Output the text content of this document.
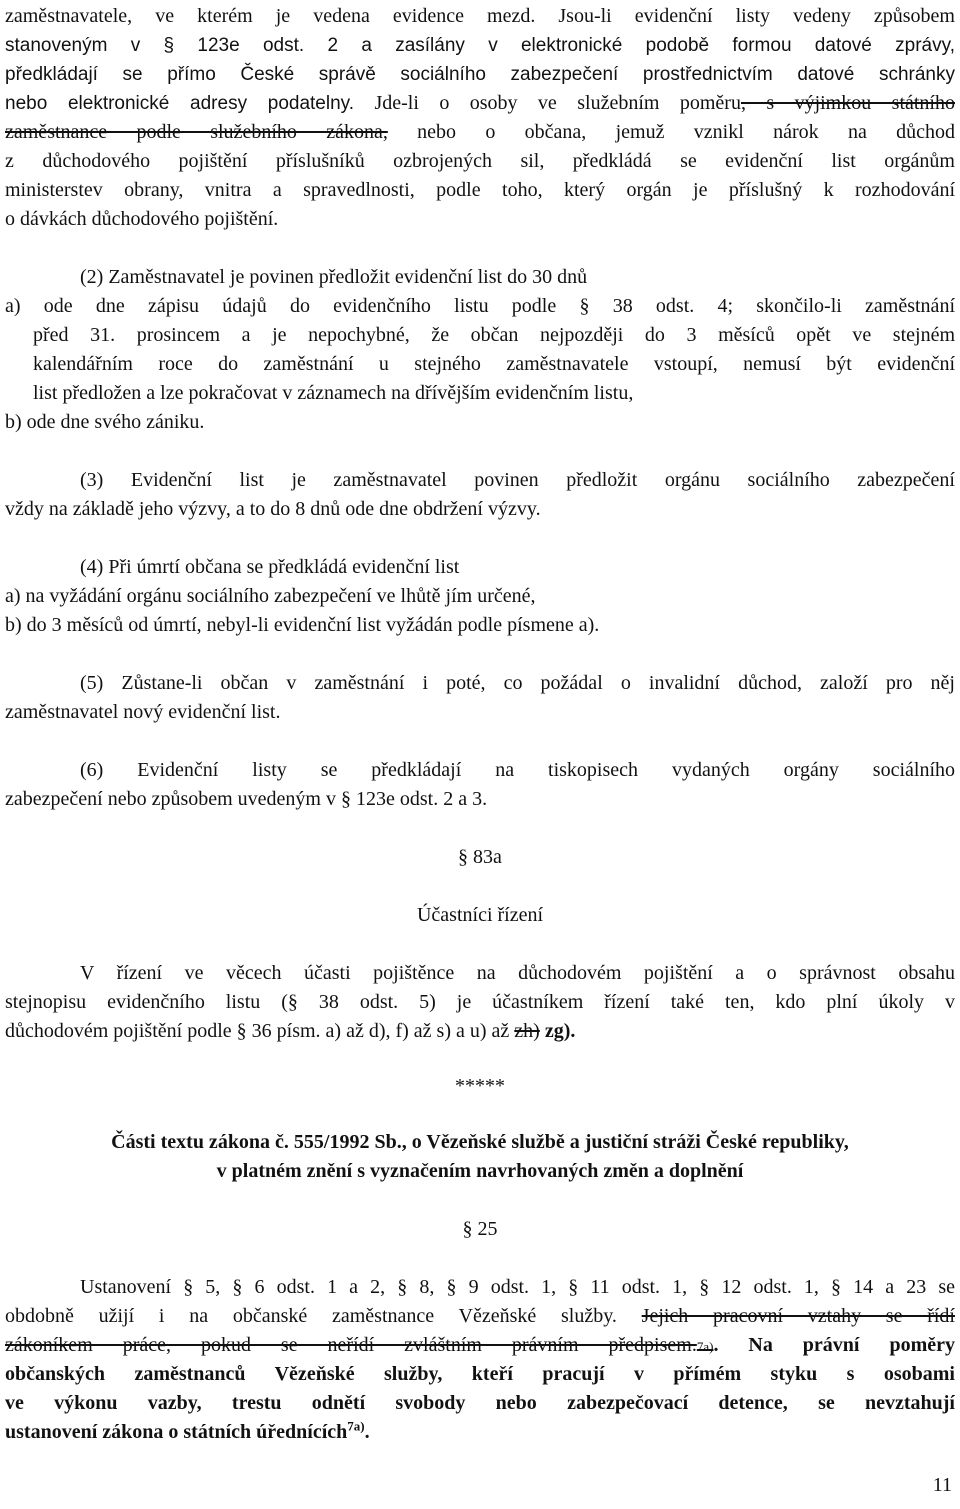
zaměstnavatele, ve kterém je vedena evidence mezd. Jsou-li evidenční listy vedeny způsobem
stanoveným v § 123e odst. 2 a zasílány v elektronické podobě formou datové zprávy,
předkládají se přímo České správě sociálního zabezpečení prostřednictvím datové schránky
nebo elektronické adresy podatelny. Jde-li o osoby ve služebním poměru, s výjimkou státního
zaměstnance podle služebního zákona, nebo o občana, jemuž vznikl nárok na důchod
z důchodového pojištění příslušníků ozbrojených sil, předkládá se evidenční list orgánům
ministerstev obrany, vnitra a spravedlnosti, podle toho, který orgán je příslušný k rozhodování
o dávkách důchodového pojištění.
(2) Zaměstnavatel je povinen předložit evidenční list do 30 dnů
a) ode dne zápisu údajů do evidenčního listu podle § 38 odst. 4; skončilo-li zaměstnání
před 31. prosincem a je nepochybné, že občan nejpozději do 3 měsíců opět ve stejném
kalendářním roce do zaměstnání u stejného zaměstnavatele vstoupí, nemusí být evidenční
list předložen a lze pokračovat v záznamech na dřívějším evidenčním listu,
b) ode dne svého zániku.
(3) Evidenční list je zaměstnavatel povinen předložit orgánu sociálního zabezpečení
vždy na základě jeho výzvy, a to do 8 dnů ode dne obdržení výzvy.
(4) Při úmrtí občana se předkládá evidenční list
a) na vyžádání orgánu sociálního zabezpečení ve lhůtě jím určené,
b) do 3 měsíců od úmrtí, nebyl-li evidenční list vyžádán podle písmene a).
(5) Zůstane-li občan v zaměstnání i poté, co požádal o invalidní důchod, založí pro něj
zaměstnavatel nový evidenční list.
(6) Evidenční listy se předkládají na tiskopisech vydaných orgány sociálního
zabezpečení nebo způsobem uvedeným v § 123e odst. 2 a 3.
§ 83a
Účastníci řízení
V řízení ve věcech účasti pojištěnce na důchodovém pojištění a o správnost obsahu
stejnopisu evidenčního listu (§ 38 odst. 5) je účastníkem řízení také ten, kdo plní úkoly v
důchodovém pojištění podle § 36 písm. a) až d), f) až s) a u) až zh) zg).
*****
Části textu zákona č. 555/1992 Sb., o Vězeňské službě a justiční stráži České republiky,
v platném znění s vyznačením navrhovaných změn a doplnění
§ 25
Ustanovení § 5, § 6 odst. 1 a 2, § 8, § 9 odst. 1, § 11 odst. 1, § 12 odst. 1, § 14 a 23 se
obdobně užijí i na občanské zaměstnance Vězeňské služby. Jejich pracovní vztahy se řídí
zákoníkem práce, pokud se neřídí zvláštním právním předpisem.7a). Na právní poměry
občanských zaměstnanců Vězeňské služby, kteří pracují v přímém styku s osobami
ve výkonu vazby, trestu odnětí svobody nebo zabezpečovací detence, se nevztahují
ustanovení zákona o státních úřednících$^{7a)}$.
11
